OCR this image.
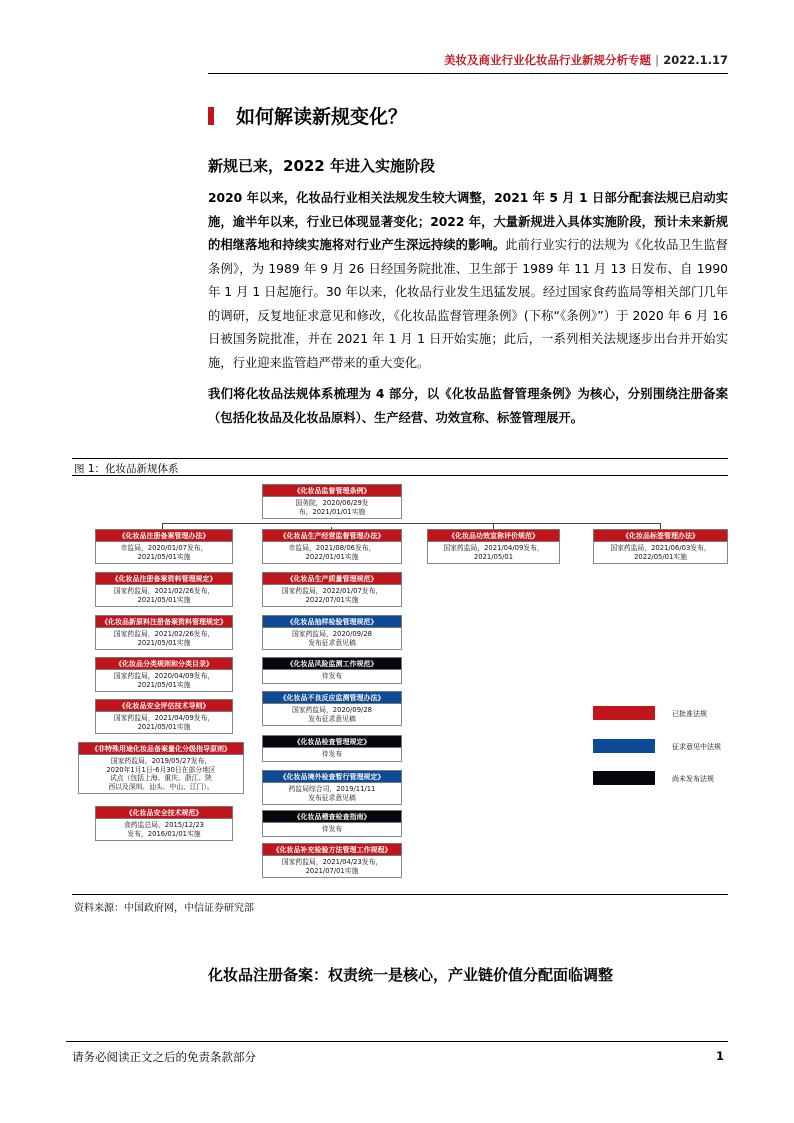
美妆及商业行业化妆品行业新规分析专题 | 2022.1.17
如何解读新规变化？
新规已来，2022 年进入实施阶段
2020 年以来，化妆品行业相关法规发生较大调整，2021 年 5 月 1 日部分配套法规已启动实施，逾半年以来，行业已体现显著变化；2022 年，大量新规进入具体实施阶段，预计未来新规的相继落地和持续实施将对行业产生深远持续的影响。此前行业实行的法规为《化妆品卫生监督条例》，为 1989 年 9 月 26 日经国务院批准、卫生部于 1989 年 11 月 13 日发布、自 1990 年 1 月 1 日起施行。30 年以来，化妆品行业发生迅猛发展。经过国家食药监局等相关部门几年的调研，反复地征求意见和修改，《化妆品监督管理条例》(下称“《条例》”）于 2020 年 6 月 16 日被国务院批准，并在 2021 年 1 月 1 日开始实施；此后，一系列相关法规逐步出台并开始实施，行业迎来监管趋严带来的重大变化。
我们将化妆品法规体系梳理为 4 部分，以《化妆品监督管理条例》为核心，分别围绕注册备案（包括化妆品及化妆品原料）、生产经营、功效宣称、标签管理展开。
图 1：化妆品新规体系
《化妆品监督管理条例》
国务院，2020/06/29发
布，2021/01/01实施
《化妆品注册备案管理办法》
市监局，2020/01/07发布，
2021/05/01实施
《化妆品生产经营监督管理办法》
市监局，2021/08/06发布，
2022/01/01实施
《化妆品功效宣称评价规范》
国家药监局，2021/04/09发布，
2021/05/01
《化妆品标签管理办法》
国家药监局，2021/06/03发布，
2022/05/01实施
《化妆品注册备案资料管理规定》
国家药监局，2021/02/26发布，
2021/05/01实施
《化妆品新原料注册备案资料管理规定》
国家药监局，2021/02/26发布，
2021/05/01实施
《化妆品分类规则和分类目录》
国家药监局，2020/04/09发布，
2021/05/01实施
《化妆品安全评估技术导则》
国家药监局，2021/04/09发布，
2021/05/01实施
《非特殊用途化妆品备案量化分级指导原则》
国家药监局，2019/05/27发布，
2020年1月1日-6月30日在部分地区
试点（包括上海、重庆、浙江、陕
西以及深圳、汕头、中山、江门）。
《化妆品安全技术规范》
食药监总局，2015/12/23
发布，2016/01/01实施
《化妆品生产质量管理规范》
国家药监局，2022/01/07发布，
2022/07/01实施
《化妆品抽样检验管理规范》
国家药监局，2020/09/28
发布征求意见稿
《化妆品风险监测工作规范》
待发布
《化妆品不良反应监测管理办法》
国家药监局，2020/09/28
发布征求意见稿
《化妆品检查管理规定》
待发布
《化妆品境外检查暂行管理规定》
药监局综合司，2019/11/11
发布征求意见稿
《化妆品稽查检查指南》
待发布
《化妆品补充检验方法管理工作规程》
国家药监局，2021/04/23发布，
2021/07/01实施
已批准法规
征求意见中法规
尚未发布法规
资料来源：中国政府网，中信证券研究部
化妆品注册备案：权责统一是核心，产业链价值分配面临调整
请务必阅读正文之后的免责条款部分	1
